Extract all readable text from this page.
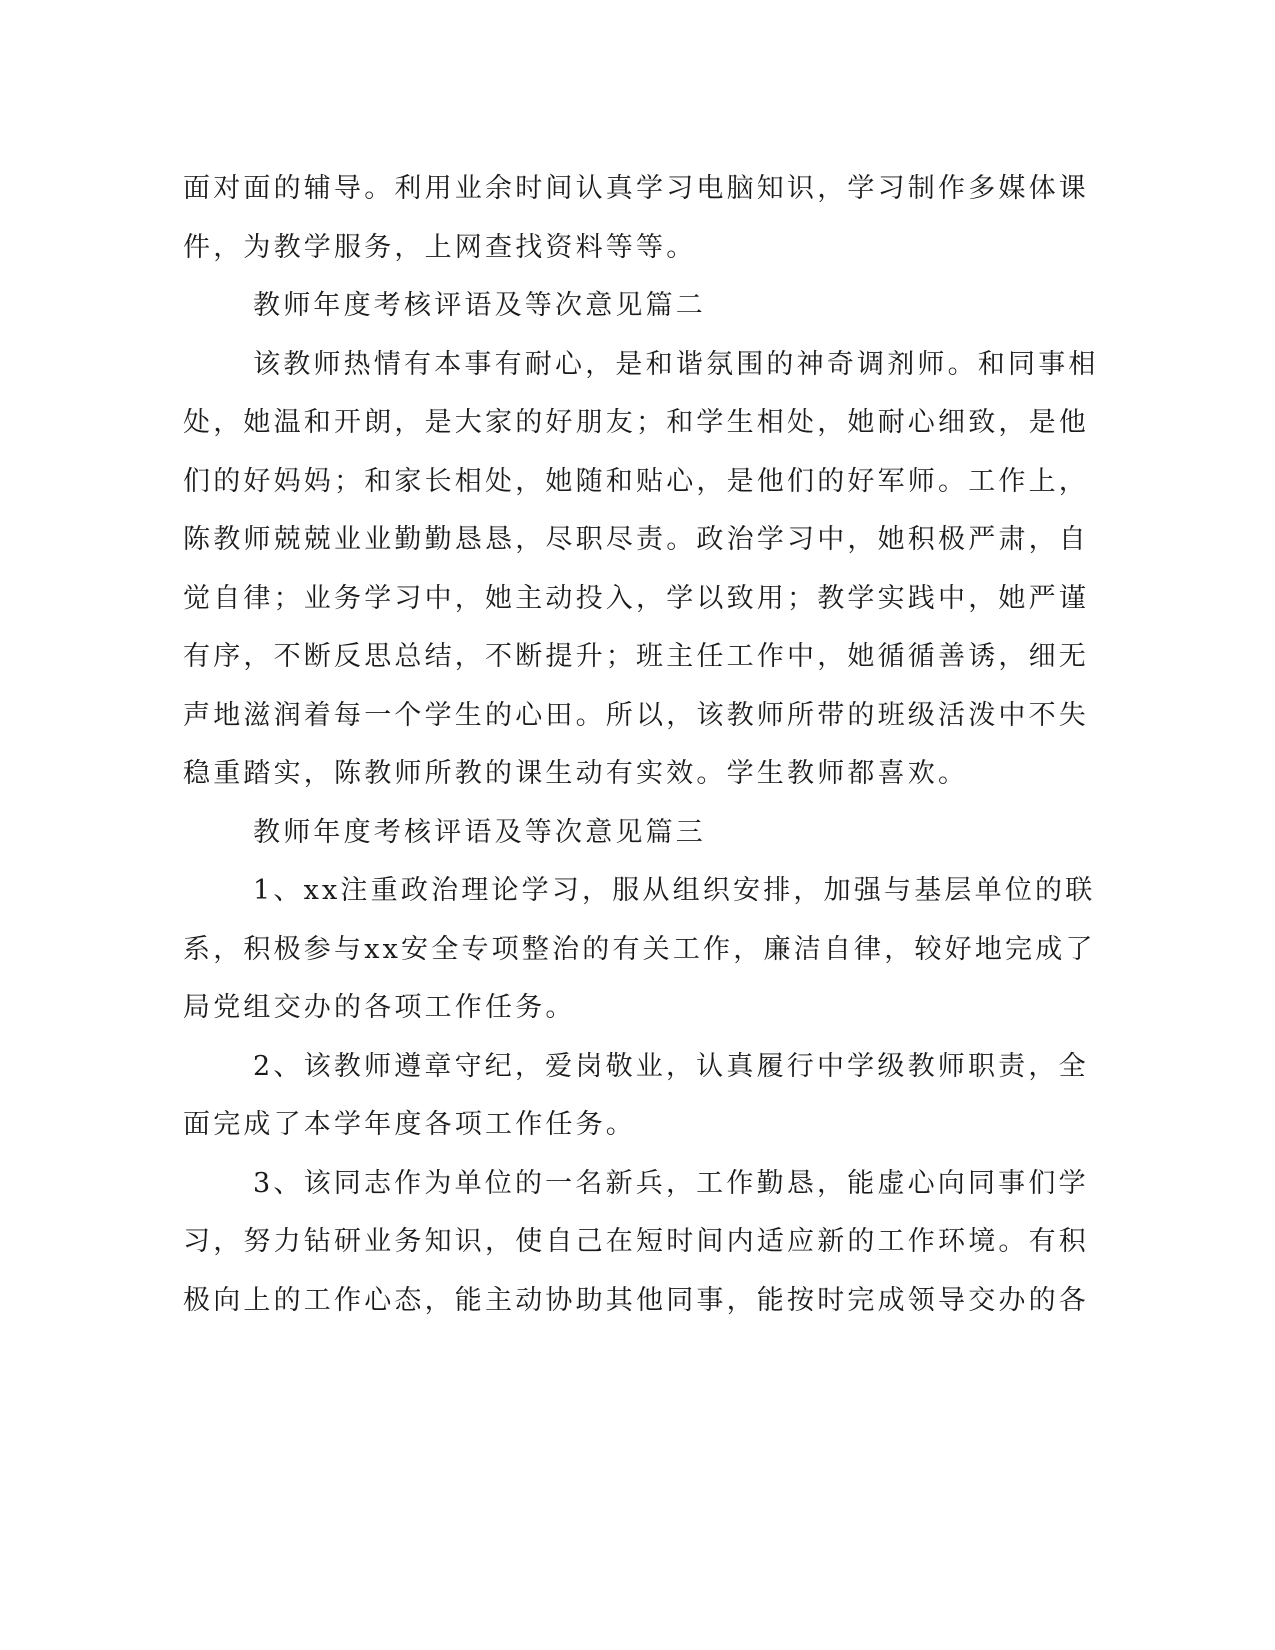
面对面的辅导。利用业余时间认真学习电脑知识，学习制作多媒体课
件，为教学服务，上网查找资料等等。
教师年度考核评语及等次意见篇二
该教师热情有本事有耐心，是和谐氛围的神奇调剂师。和同事相
处，她温和开朗，是大家的好朋友；和学生相处，她耐心细致，是他
们的好妈妈；和家长相处，她随和贴心，是他们的好军师。工作上，
陈教师兢兢业业勤勤恳恳，尽职尽责。政治学习中，她积极严肃，自
觉自律；业务学习中，她主动投入，学以致用；教学实践中，她严谨
有序，不断反思总结，不断提升；班主任工作中，她循循善诱，细无
声地滋润着每一个学生的心田。所以，该教师所带的班级活泼中不失
稳重踏实，陈教师所教的课生动有实效。学生教师都喜欢。
教师年度考核评语及等次意见篇三
1、xx注重政治理论学习，服从组织安排，加强与基层单位的联
系，积极参与xx安全专项整治的有关工作，廉洁自律，较好地完成了
局党组交办的各项工作任务。
2、该教师遵章守纪，爱岗敬业，认真履行中学级教师职责，全
面完成了本学年度各项工作任务。
3、该同志作为单位的一名新兵，工作勤恳，能虚心向同事们学
习，努力钻研业务知识，使自己在短时间内适应新的工作环境。有积
极向上的工作心态，能主动协助其他同事，能按时完成领导交办的各
